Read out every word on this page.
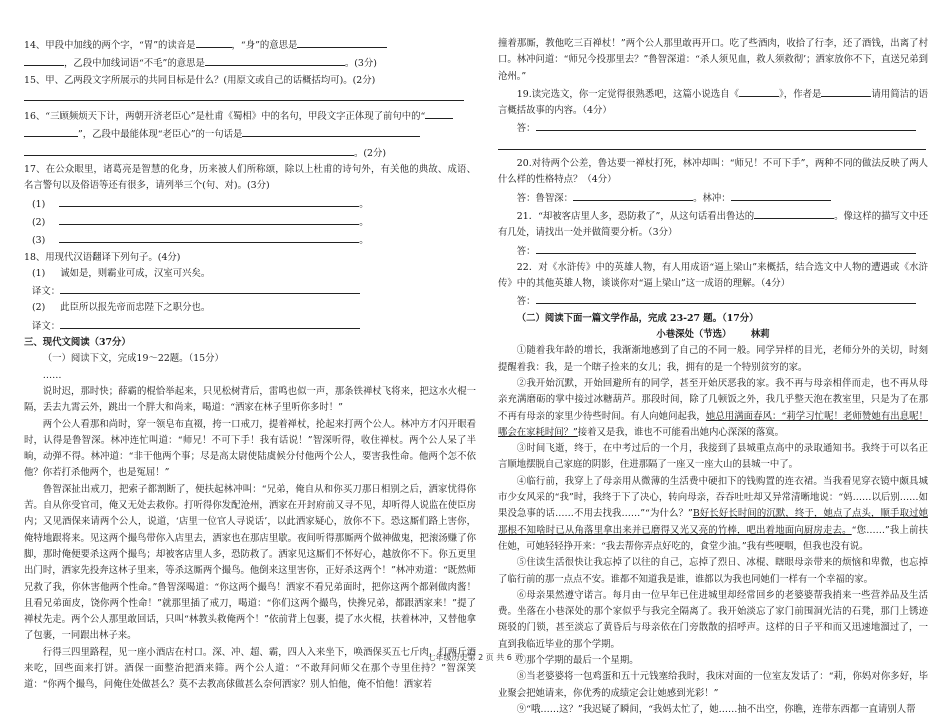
14、甲段中加线的两个字，“胃”的读音是	，“身”的意思是

，乙段中加线词语“不毛”的意思是	。(3分)

15、甲、乙两段文字所展示的共同目标是什么？(用原文或自己的话概括均可)。(2分)

16、“三顾频烦天下计，两朝开济老臣心”是杜甫《蜀相》中的名句，甲段文字正体现了前句中的“

”，乙段中最能体现“老臣心”的一句话是

。(2分)

17、在公众眼里，诸葛亮是智慧的化身，历来被人们所称颂，除以上杜甫的诗句外，有关他的典故、成语、名言警句以及俗语等还有很多，请列举三个(句、对)。(3分)

(1)	。

(2)	。

(3)	。

18、用现代汉语翻译下列句子。(4分)

(1) 诚如是，则霸业可成，汉室可兴矣。

译文：

(2) 此臣所以报先帝而忠陛下之职分也。

译文：

三、现代文阅读（37分）

（一）阅读下文，完成19～22题。（15分）

……

说时迟，那时快；薛霸的棍恰举起来，只见松树背后，雷鸣也似一声，那条铁禅杖飞将来，把这水火棍一隔，丢去九霄云外，跳出一个胖大和尚来，喝道：“洒家在林子里听你多时！”

两个公人看那和尚时，穿一领皂布直裰，挎一口戒刀，提着禅杖，抡起来打两个公人。林冲方才闪开眼看时，认得是鲁智深。林冲连忙叫道：“师兄！不可下手！我有话说！”智深听得，收住禅杖。两个公人呆了半晌，动弹不得。林冲道：“非干他两个事；尽是高太尉使陆虞候分付他两个公人，要害我性命。他两个怎不依他？你若打杀他两个，也是冤屈！”

鲁智深扯出戒刀，把索子都割断了，便扶起林冲叫：“兄弟，俺自从和你买刀那日相别之后，洒家忧得你苦。自从你受官司，俺又无处去救你。打听得你发配沧州，洒家在开封府前又寻不见，却听得人说监在使臣房内；又见酒保来请两个公人，说道，‘店里一位官人寻说话’，以此洒家疑心，放你不下。恐这厮们路上害你，俺特地跟将来。见这两个撮鸟带你入店里去，洒家也在那店里歇。夜间听得那厮两个做神做鬼，把滚汤赚了你脚，那时俺便要杀这两个撮鸟；却被客店里人多，恐防救了。洒家见这厮们不怀好心，越放你不下。你五更里出门时，洒家先投奔这林子里来，等杀这厮两个撮鸟。他倒来这里害你，正好杀这两个！”林冲劝道：“既然师兄救了我，你休害他两个性命。”鲁智深喝道：“你这两个撮鸟！洒家不看兄弟面时，把你这两个都剁做肉酱！且看兄弟面皮，饶你两个性命！”就那里插了戒刀，喝道：“你们这两个撮鸟，快搀兄弟，都跟洒家来！”提了禅杖先走。两个公人那里敢回话，只叫“林教头救俺两个！”依前背上包裹，提了水火棍，扶着林冲，又替他拿了包裹，一同跟出林子来。

行得三四里路程，见一座小酒店在村口。深、冲、超、霸，四人入来坐下，唤酒保买五七斤肉，打两斤酒来吃，回些面来打饼。酒保一面整治把酒来筛。两个公人道：“不敢拜问师父在那个寺里住持？”智深笑道：“你两个撮鸟，问俺住处做甚么？莫不去教高俅做甚么奈何洒家？别人怕他，俺不怕他！洒家若

撞着那厮，教他吃三百禅杖！”两个公人那里敢再开口。吃了些酒肉，收拾了行李，还了酒钱，出离了村口。林冲问道：“师兄今投那里去？”鲁智深道：“杀人须见血，救人须救彻’；洒家放你不下，直送兄弟到沧州。”

19.读完选文，你一定觉得很熟悉吧，这篇小说选自《	》，作者是	请用简洁的语言概括故事的内容。（4分）

答：

20.对待两个公差，鲁达要一禅杖打死，林冲却叫：“师兄！不可下手”，两种不同的做法反映了两人什么样的性格特点？（4分）

答：鲁智深：	。林冲：

21．“却被客店里人多，恐防救了”，从这句话看出鲁达的	。像这样的描写文中还有几处，请找出一处并做简要分析。（3分）

答：

22．对《水浒传》中的英雄人物，有人用成语“逼上梁山”来概括，结合选文中人物的遭遇或《水浒传》中的其他英雄人物，谈谈你对“逼上梁山”这一成语的理解。（4分）

答：

（二）阅读下面一篇文学作品，完成 23-27 题。（17分）

小巷深处（节选） 林莉

①随着我年龄的增长，我渐渐地感到了自己的不同一般。同学异样的目光，老师分外的关切，时刻提醒着我：我，是一个瞎子捡来的女儿；我，拥有的是一个特别贫穷的家。

②我开始沉默，开始回避所有的同学，甚至开始厌恶我的家。我不再与母亲相伴而走，也不再从母亲充满磨砺的掌中接过冰糖葫芦。那段时间，除了几顿饭之外，我几乎整天泡在教室里，只是为了在那不再有母亲的家里少待些时间。有人向她问起我，她总用满面春风：“莉学习忙呢！老师赞她有出息呢！哪会在家耗时间？”接着又是我，谁也不可能看出她内心深深的落寞。

③时间飞逝，终于，在中考过后的一个月，我接到了县城重点高中的录取通知书。我终于可以名正言顺地摆脱自己家庭的阴影，住进那隔了一座又一座大山的县城一中了。

④临行前，我穿上了母亲用从微薄的生活费中硬扣下的钱购置的连衣裙。当我看见穿衣镜中颇具城市少女风采的“我”时，我终于下了决心，转向母亲，吞吞吐吐却又异常清晰地说：“妈……以后别……如果没急事的话……不用去找我……”“为什么？”B好长好长时间的沉默，终于，她点了点头，顺手取过她那根不知啥时已从角落里拿出来并已磨得又光又亮的竹棒，吧出着地面向厨房走去。“您……”我上前扶住她，可她轻轻挣开来：“我去帮你弄点好吃的，食堂少油。”我有些哽咽，但我也没有说。

⑤住读生活很快让我忘掉了以往的自己，忘掉了烈日、冰棍、瞎眼母亲带来的烦恼和卑微，也忘掉了临行前的那一点点不安。谁都不知道我是谁，谁都以为我也同她们一样有一个幸福的家。

⑥母亲果然遵守诺言。每月由一位早年已住进城里却经常回乡的老婆婆帮我捎来一些营养品及生活费。坐落在小巷深处的那个家似乎与我完全隔离了。我开始淡忘了家门前围洞光洁的石凳，那门上锈迹斑驳的门锁，甚至淡忘了黄昏后与母亲依在门旁散散的招呼声。这样的日子平和而又迅速地溜过了，一直到我临近毕业的那个学期。

⑦那个学期的最后一个星期。

⑧当老婆婆将一包鸡蛋和五十元钱塞给我时，我床对面的一位室友发话了：“莉，你妈对你多好，毕业聚会把她请来，你优秀的成绩定会让她感到光彩！”

⑨“哦……这？”我迟疑了瞬间，“我妈太忙了，她……抽不出空，你瞧，连带东西都一直请别人帮

七年级历史第 2 页 共 6 页
